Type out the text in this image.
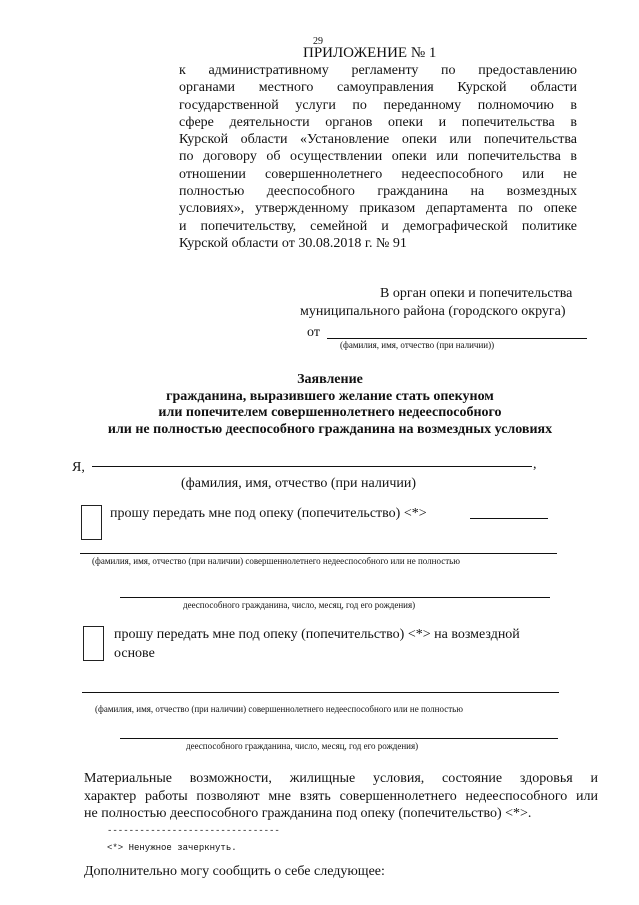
29
ПРИЛОЖЕНИЕ № 1
к административному регламенту по предоставлению
органами местного самоуправления Курской области
государственной услуги по переданному полномочию в
сфере деятельности органов опеки и попечительства в
Курской области «Установление опеки или попечительства
по договору об осуществлении опеки или попечительства в
отношении совершеннолетнего недееспособного или не
полностью дееспособного гражданина на возмездных
условиях», утвержденному приказом департамента по опеке
и попечительству, семейной и демографической политике
Курской области от 30.08.2018 г. № 91
В орган опеки и попечительства
муниципального района (городского округа)
от
(фамилия, имя, отчество (при наличии))
Заявление
гражданина, выразившего желание стать опекуном
или попечителем совершеннолетнего недееспособного
или не полностью дееспособного гражданина на возмездных условиях
Я,	,
(фамилия, имя, отчество (при наличии)
прошу передать мне под опеку (попечительство) <*>
(фамилия, имя, отчество (при наличии) совершеннолетнего недееспособного или не полностью
дееспособного гражданина, число, месяц, год его рождения)
прошу передать мне под опеку (попечительство) <*> на возмездной
основе
(фамилия, имя, отчество (при наличии) совершеннолетнего недееспособного или не полностью
дееспособного гражданина, число, месяц, год его рождения)
Материальные возможности, жилищные условия, состояние здоровья и
характер работы позволяют мне взять совершеннолетнего недееспособного или
не полностью дееспособного гражданина под опеку (попечительство) <*>.
--------------------------------
<*> Ненужное зачеркнуть.
Дополнительно могу сообщить о себе следующее:
